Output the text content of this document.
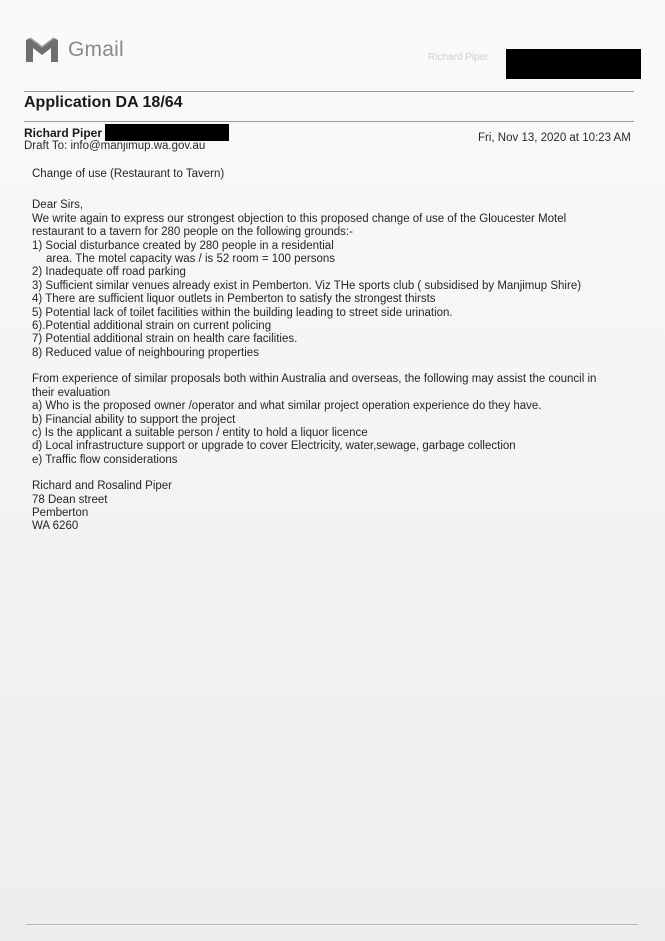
Gmail	Richard Piper
Application DA 18/64
Richard Piper
Draft To: info@manjimup.wa.gov.au
Fri, Nov 13, 2020 at 10:23 AM

Change of use (Restaurant to Tavern)

Dear Sirs,

We write again to express our strongest objection to this proposed change of use of the Gloucester Motel

restaurant to a tavern for 280 people on the following grounds:-

1) Social disturbance created by 280 people in a residential

area. The motel capacity was / is 52 room = 100 persons

2) Inadequate off road parking

3) Sufficient similar venues already exist in Pemberton. Viz THe sports club ( subsidised by Manjimup Shire)

4) There are sufficient liquor outlets in Pemberton to satisfy the strongest thirsts

5) Potential lack of toilet facilities within the building leading to street side urination.

6).Potential additional strain on current policing

7) Potential additional strain on health care facilities.

8) Reduced value of neighbouring properties

From experience of similar proposals both within Australia and overseas, the following may assist the council in

their evaluation

a) Who is the proposed owner /operator and what similar project operation experience do they have.

b) Financial ability to support the project

c) Is the applicant a suitable person / entity to hold a liquor licence

d) Local infrastructure support or upgrade to cover Electricity, water,sewage, garbage collection

e) Traffic flow considerations

Richard and Rosalind Piper

78 Dean street

Pemberton

WA 6260
